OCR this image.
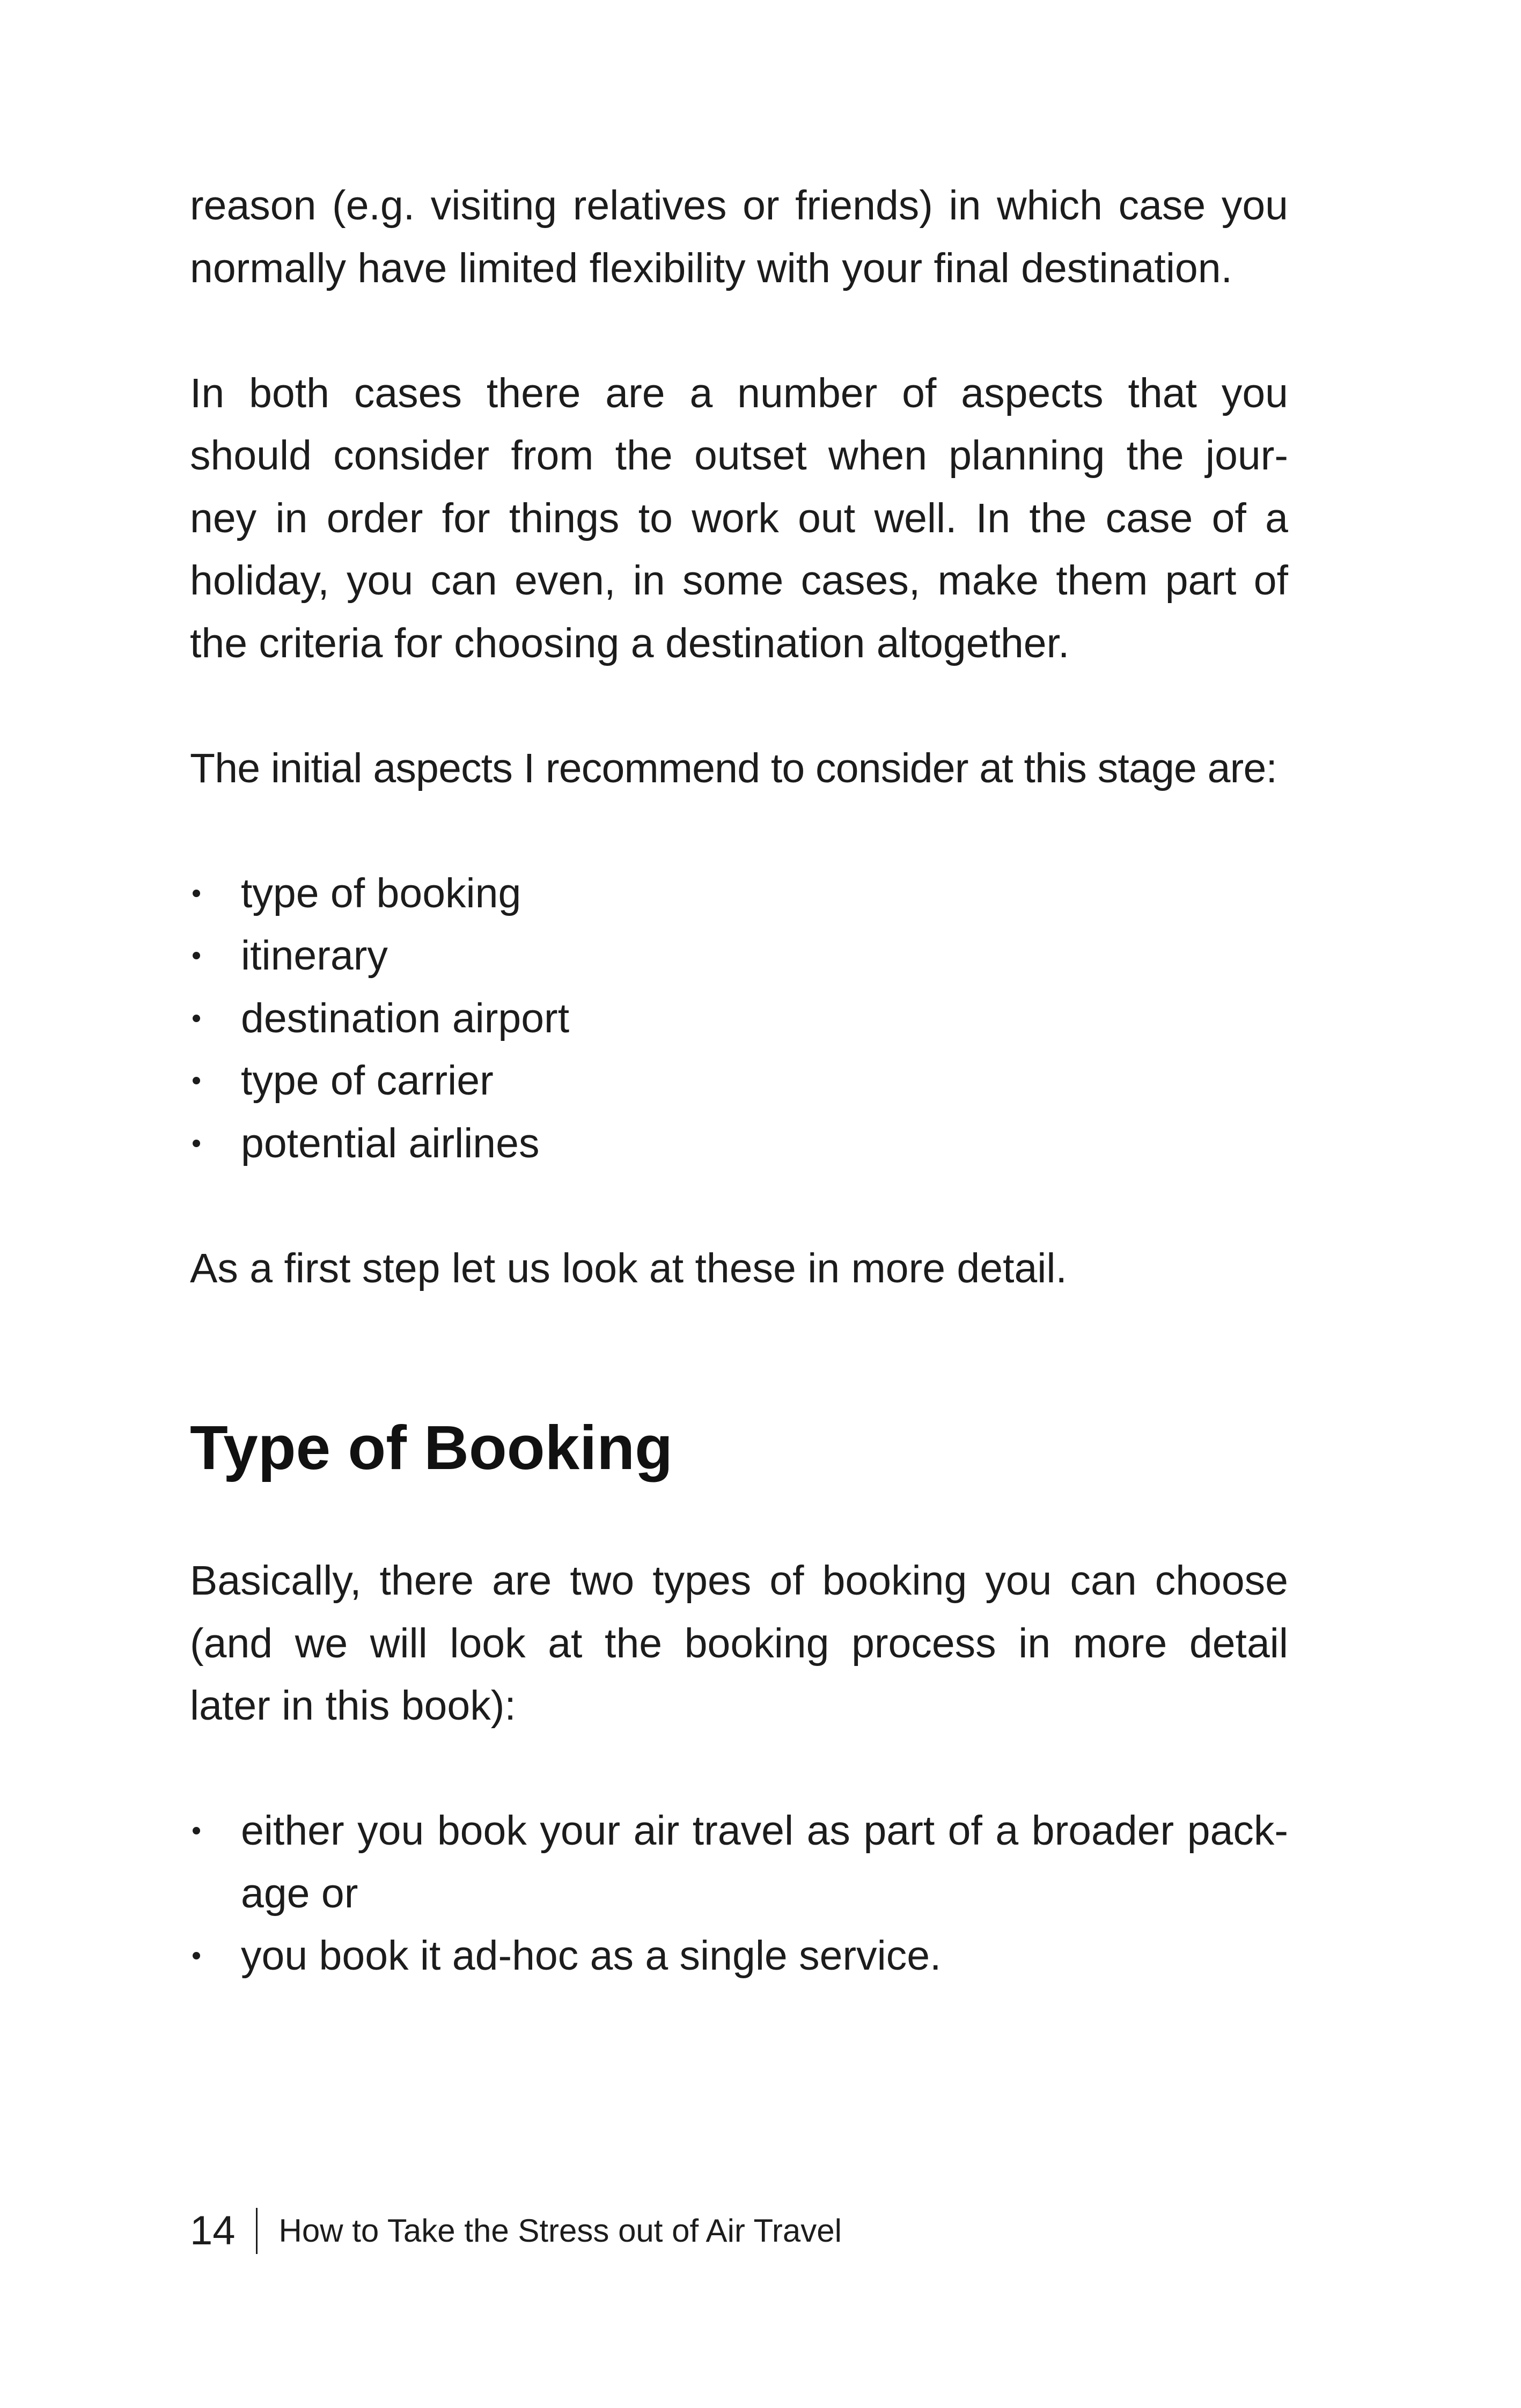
reason (e.g. visiting relatives or friends) in which case you
normally have limited flexibility with your final destination.
In both cases there are a number of aspects that you
should consider from the outset when planning the jour-
ney in order for things to work out well. In the case of a
holiday, you can even, in some cases, make them part of
the criteria for choosing a destination altogether.
The initial aspects I recommend to consider at this stage are:
type of booking
itinerary
destination airport
type of carrier
potential airlines
As a first step let us look at these in more detail.
Type of Booking
Basically, there are two types of booking you can choose
(and we will look at the booking process in more detail
later in this book):
either you book your air travel as part of a broader pack-
age or
you book it ad-hoc as a single service.
14 How to Take the Stress out of Air Travel
